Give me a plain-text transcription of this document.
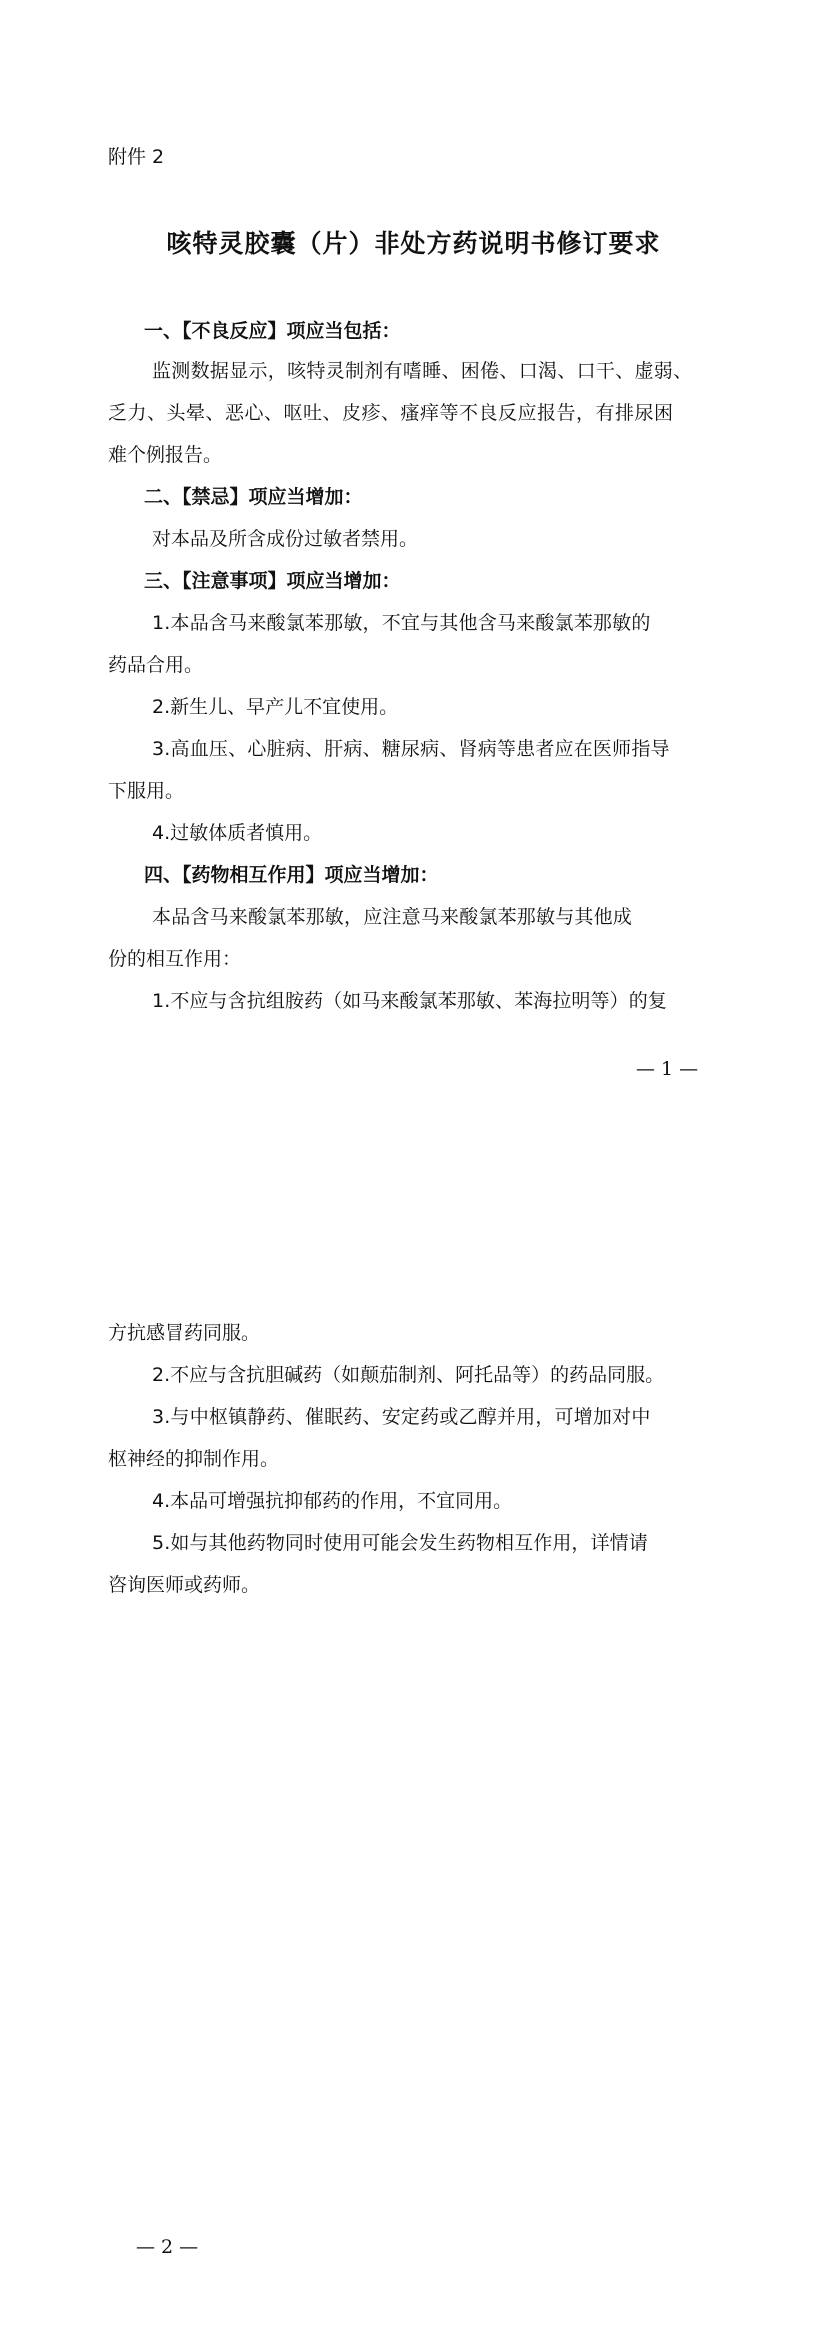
附件 2
咳特灵胶囊（片）非处方药说明书修订要求
一、【不良反应】项应当包括：
监测数据显示，咳特灵制剂有嗜睡、困倦、口渴、口干、虚弱、
乏力、头晕、恶心、呕吐、皮疹、瘙痒等不良反应报告，有排尿困
难个例报告。
二、【禁忌】项应当增加：
对本品及所含成份过敏者禁用。
三、【注意事项】项应当增加：
1.本品含马来酸氯苯那敏，不宜与其他含马来酸氯苯那敏的
药品合用。
2.新生儿、早产儿不宜使用。
3.高血压、心脏病、肝病、糖尿病、肾病等患者应在医师指导
下服用。
4.过敏体质者慎用。
四、【药物相互作用】项应当增加：
本品含马来酸氯苯那敏，应注意马来酸氯苯那敏与其他成
份的相互作用：
1.不应与含抗组胺药（如马来酸氯苯那敏、苯海拉明等）的复
— 1 —
方抗感冒药同服。
2.不应与含抗胆碱药（如颠茄制剂、阿托品等）的药品同服。
3.与中枢镇静药、催眠药、安定药或乙醇并用，可增加对中
枢神经的抑制作用。
4.本品可增强抗抑郁药的作用，不宜同用。
5.如与其他药物同时使用可能会发生药物相互作用，详情请
咨询医师或药师。
— 2 —
